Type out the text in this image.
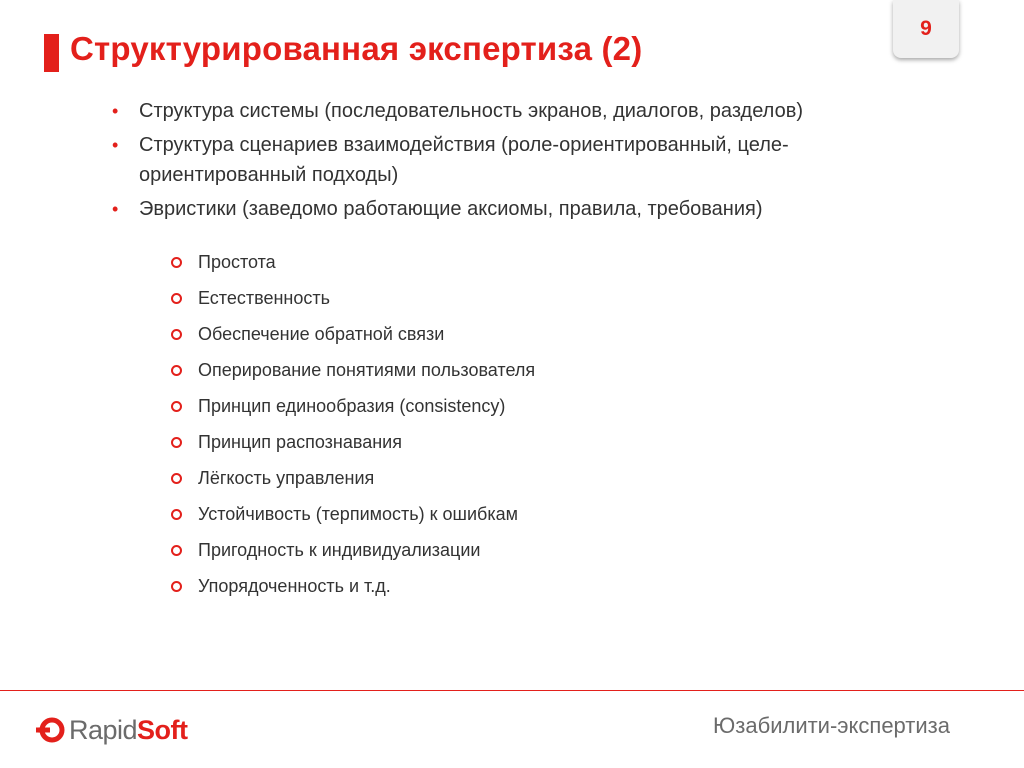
Структурированная экспертиза (2)
9
• Структура системы (последовательность экранов, диалогов, разделов)
• Структура сценариев взаимодействия (роле-ориентированный, целе-ориентированный подходы)
• Эвристики (заведомо работающие аксиомы, правила, требования)
Простота
Естественность
Обеспечение обратной связи
Оперирование понятиями пользователя
Принцип единообразия (consistency)
Принцип распознавания
Лёгкость управления
Устойчивость (терпимость) к ошибкам
Пригодность к индивидуализации
Упорядоченность и т.д.
RapidSoft	Юзабилити-экспертиза
